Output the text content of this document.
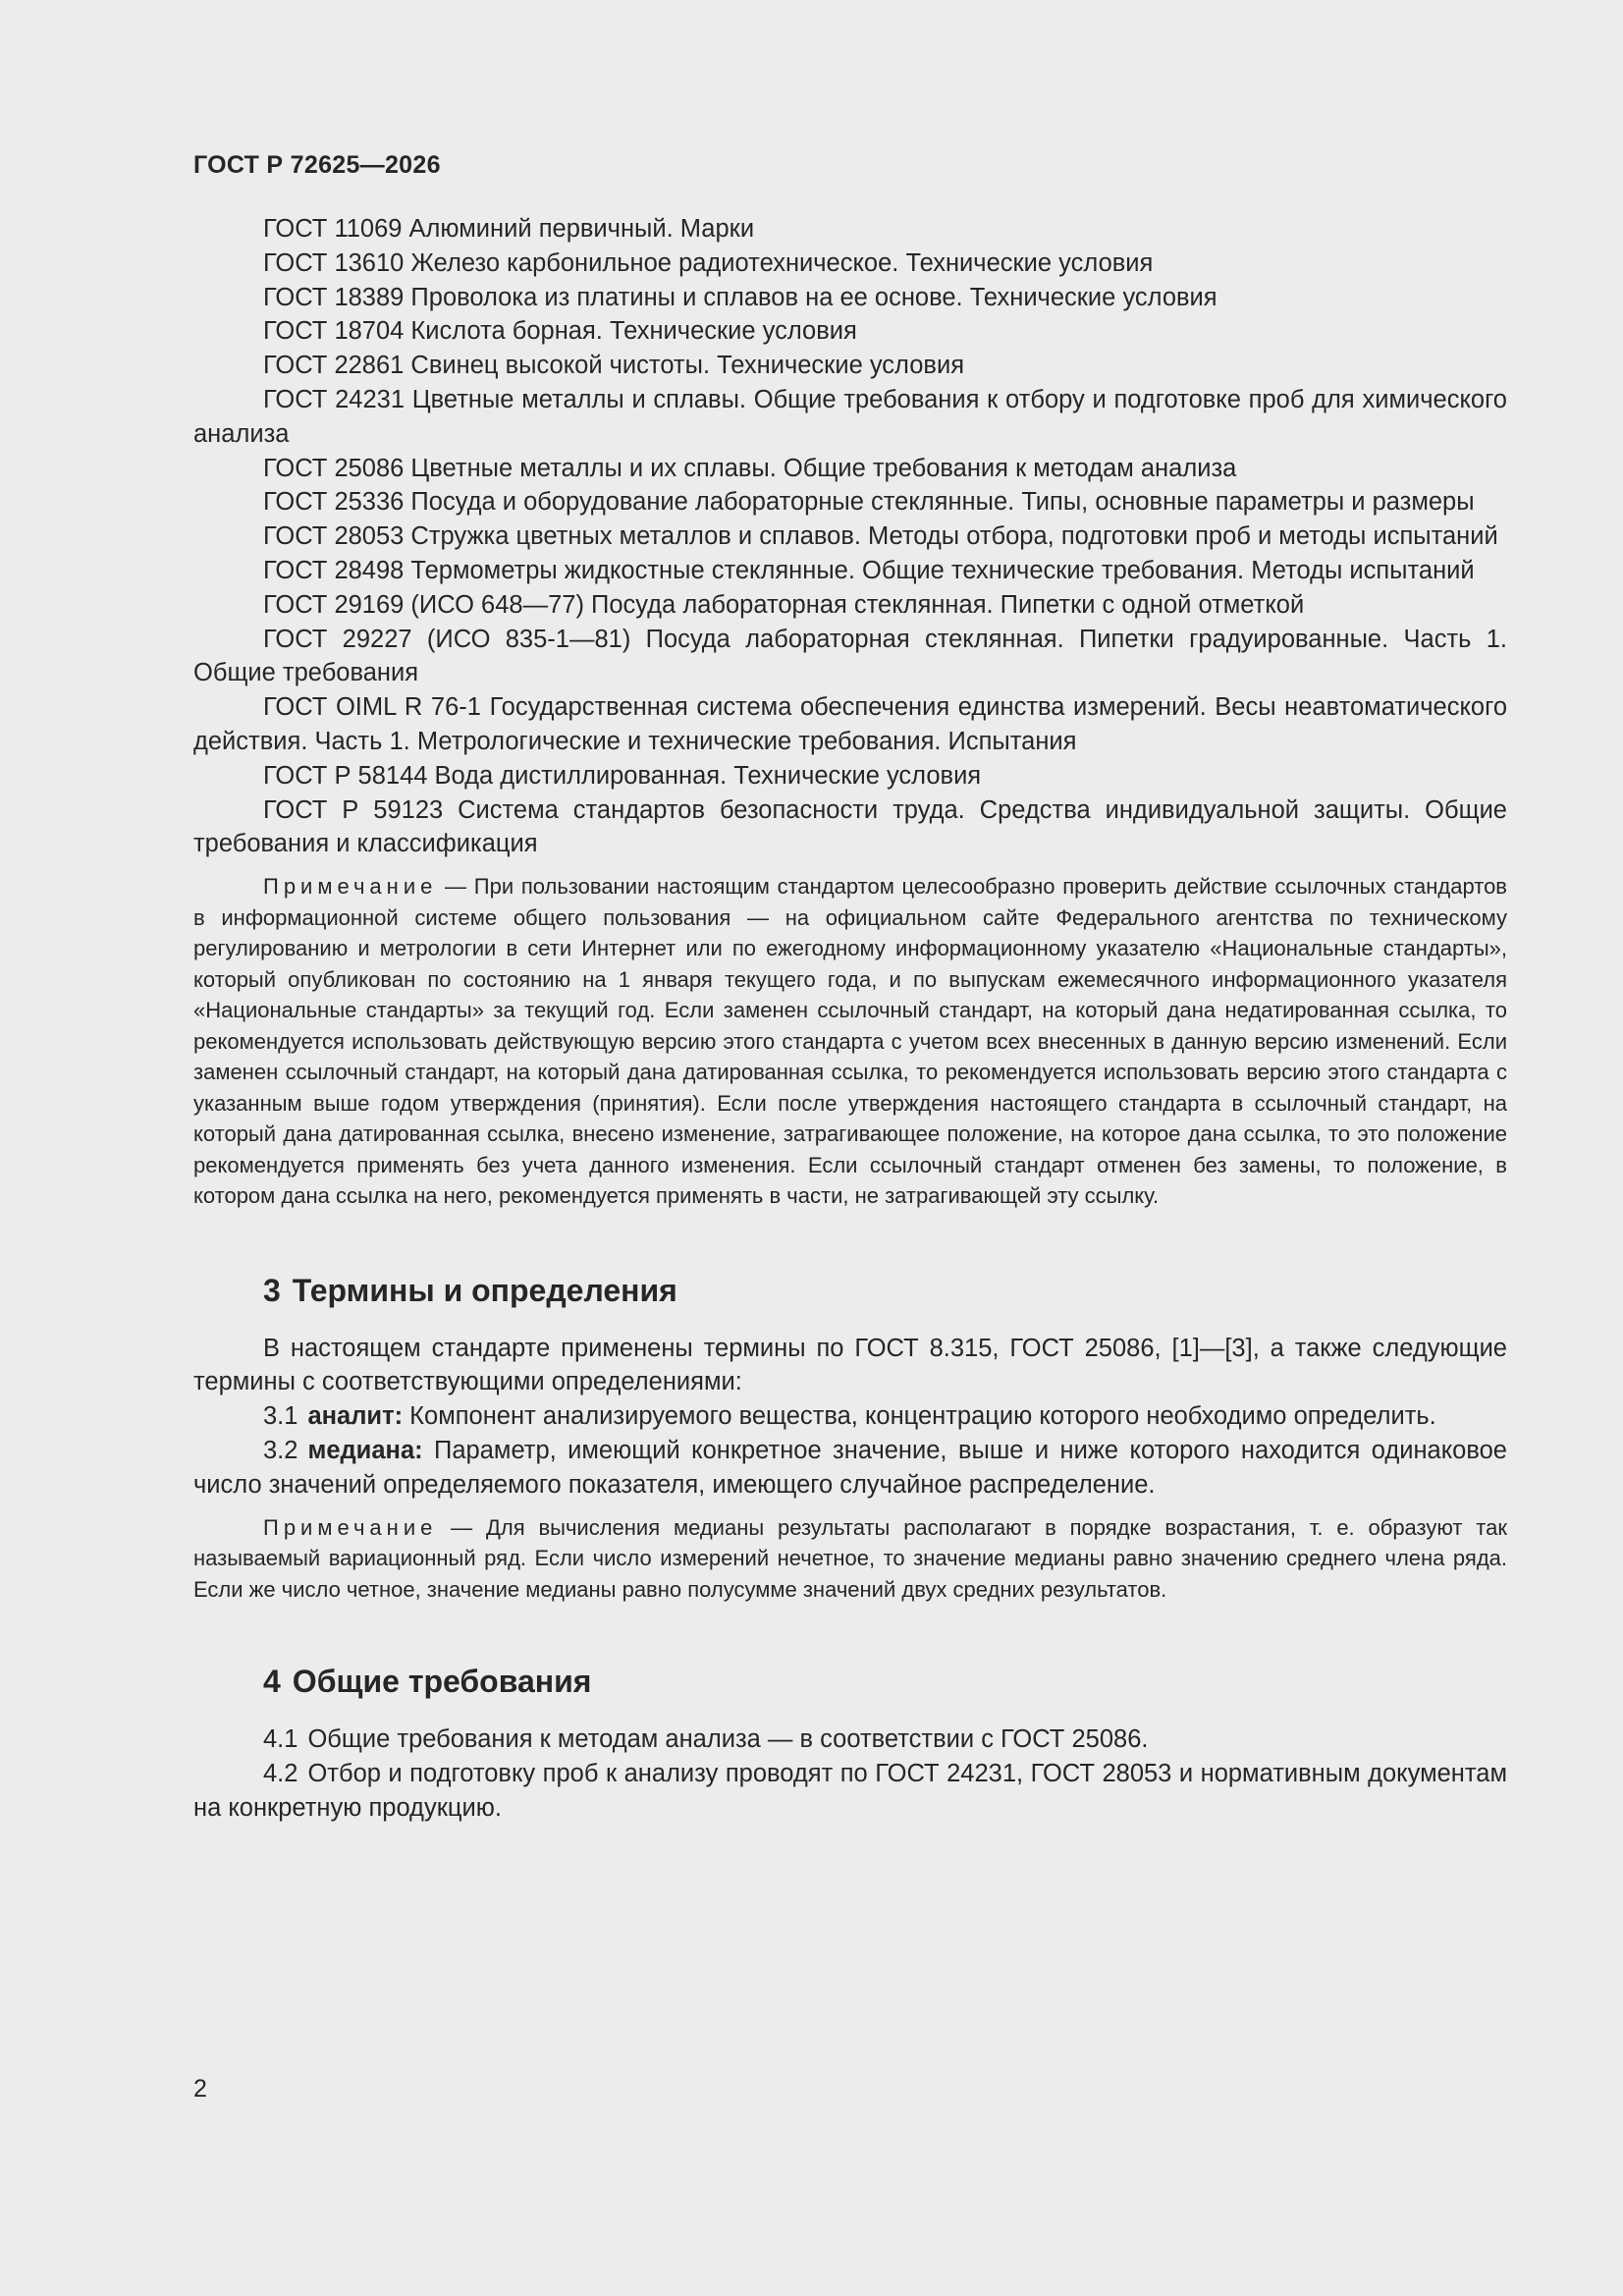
ГОСТ Р 72625—2026

ГОСТ 11069 Алюминий первичный. Марки

ГОСТ 13610 Железо карбонильное радиотехническое. Технические условия

ГОСТ 18389 Проволока из платины и сплавов на ее основе. Технические условия

ГОСТ 18704 Кислота борная. Технические условия

ГОСТ 22861 Свинец высокой чистоты. Технические условия

ГОСТ 24231 Цветные металлы и сплавы. Общие требования к отбору и подготовке проб для химического анализа

ГОСТ 25086 Цветные металлы и их сплавы. Общие требования к методам анализа

ГОСТ 25336 Посуда и оборудование лабораторные стеклянные. Типы, основные параметры и размеры

ГОСТ 28053 Стружка цветных металлов и сплавов. Методы отбора, подготовки проб и методы испытаний

ГОСТ 28498 Термометры жидкостные стеклянные. Общие технические требования. Методы испытаний

ГОСТ 29169 (ИСО 648—77) Посуда лабораторная стеклянная. Пипетки с одной отметкой

ГОСТ 29227 (ИСО 835-1—81) Посуда лабораторная стеклянная. Пипетки градуированные. Часть 1. Общие требования

ГОСТ OIML R 76-1 Государственная система обеспечения единства измерений. Весы неавтоматического действия. Часть 1. Метрологические и технические требования. Испытания

ГОСТ Р 58144 Вода дистиллированная. Технические условия

ГОСТ Р 59123 Система стандартов безопасности труда. Средства индивидуальной защиты. Общие требования и классификация

Примечание — При пользовании настоящим стандартом целесообразно проверить действие ссылочных стандартов в информационной системе общего пользования — на официальном сайте Федерального агентства по техническому регулированию и метрологии в сети Интернет или по ежегодному информационному указателю «Национальные стандарты», который опубликован по состоянию на 1 января текущего года, и по выпускам ежемесячного информационного указателя «Национальные стандарты» за текущий год. Если заменен ссылочный стандарт, на который дана недатированная ссылка, то рекомендуется использовать действующую версию этого стандарта с учетом всех внесенных в данную версию изменений. Если заменен ссылочный стандарт, на который дана датированная ссылка, то рекомендуется использовать версию этого стандарта с указанным выше годом утверждения (принятия). Если после утверждения настоящего стандарта в ссылочный стандарт, на который дана датированная ссылка, внесено изменение, затрагивающее положение, на которое дана ссылка, то это положение рекомендуется применять без учета данного изменения. Если ссылочный стандарт отменен без замены, то положение, в котором дана ссылка на него, рекомендуется применять в части, не затрагивающей эту ссылку.

3 Термины и определения

В настоящем стандарте применены термины по ГОСТ 8.315, ГОСТ 25086, [1]—[3], а также следующие термины с соответствующими определениями:

3.1 аналит: Компонент анализируемого вещества, концентрацию которого необходимо определить.

3.2 медиана: Параметр, имеющий конкретное значение, выше и ниже которого находится одинаковое число значений определяемого показателя, имеющего случайное распределение.

Примечание — Для вычисления медианы результаты располагают в порядке возрастания, т. е. образуют так называемый вариационный ряд. Если число измерений нечетное, то значение медианы равно значению среднего члена ряда. Если же число четное, значение медианы равно полусумме значений двух средних результатов.

4 Общие требования

4.1 Общие требования к методам анализа — в соответствии с ГОСТ 25086.

4.2 Отбор и подготовку проб к анализу проводят по ГОСТ 24231, ГОСТ 28053 и нормативным документам на конкретную продукцию.

2
